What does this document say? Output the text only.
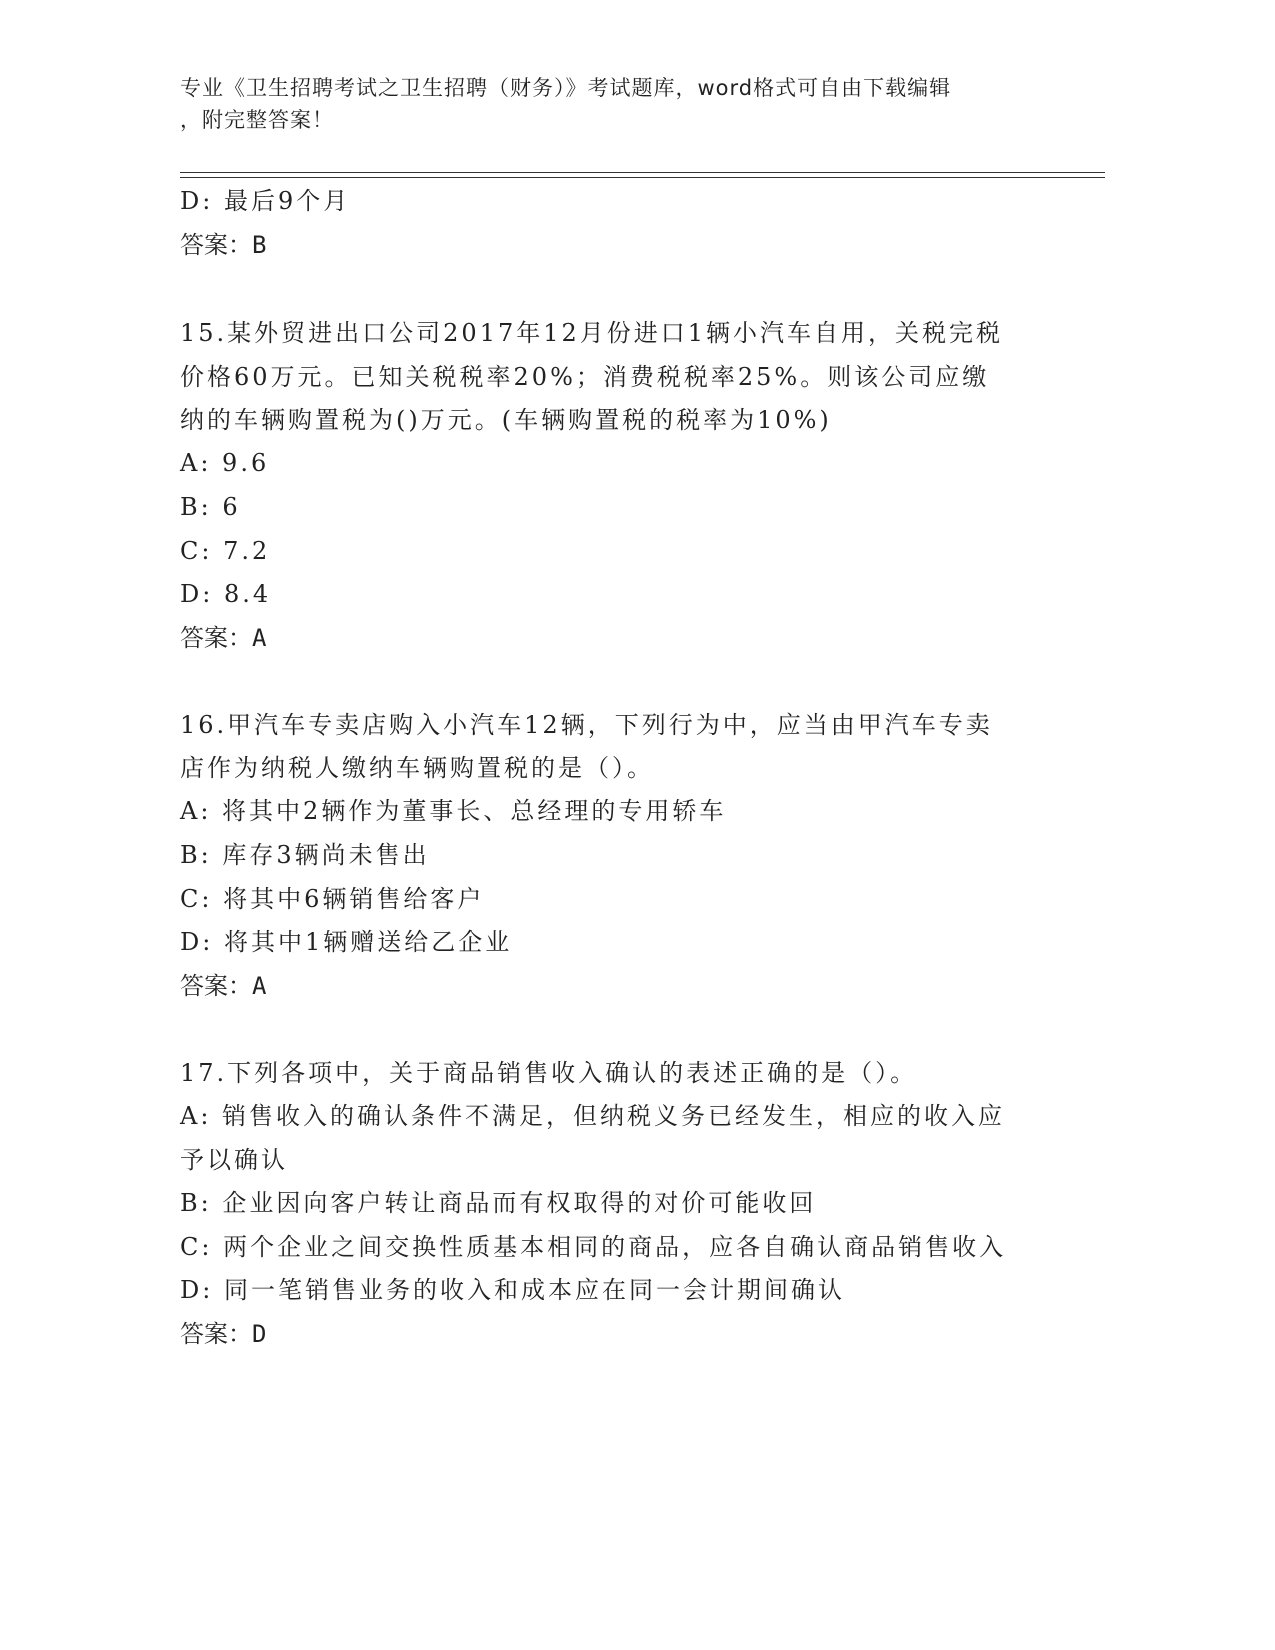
专业《卫生招聘考试之卫生招聘（财务）》考试题库，word格式可自由下载编辑
，附完整答案！
D: 最后9个月
答案：B
15.某外贸进出口公司2017年12月份进口1辆小汽车自用，关税完税
价格60万元。已知关税税率20%；消费税税率25%。则该公司应缴
纳的车辆购置税为()万元。(车辆购置税的税率为10%)
A: 9.6
B: 6
C: 7.2
D: 8.4
答案：A
16.甲汽车专卖店购入小汽车12辆，下列行为中，应当由甲汽车专卖
店作为纳税人缴纳车辆购置税的是（）。
A: 将其中2辆作为董事长、总经理的专用轿车
B: 库存3辆尚未售出
C: 将其中6辆销售给客户
D: 将其中1辆赠送给乙企业
答案：A
17.下列各项中，关于商品销售收入确认的表述正确的是（）。
A: 销售收入的确认条件不满足，但纳税义务已经发生，相应的收入应
予以确认
B: 企业因向客户转让商品而有权取得的对价可能收回
C: 两个企业之间交换性质基本相同的商品，应各自确认商品销售收入
D: 同一笔销售业务的收入和成本应在同一会计期间确认
答案：D
